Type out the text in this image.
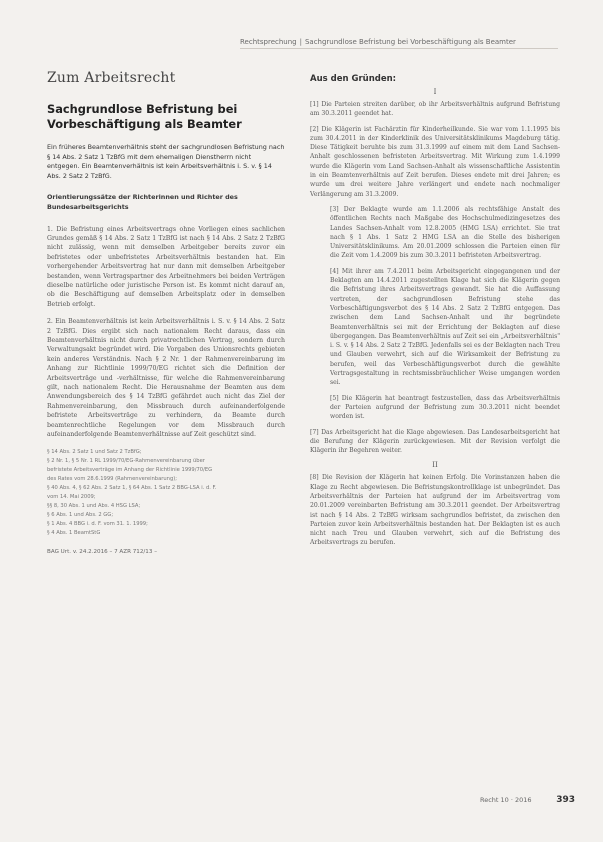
Rechtsprechung | Sachgrundlose Befristung bei Vorbeschäftigung als Beamter
Zum Arbeitsrecht
Sachgrundlose Befristung bei Vorbeschäftigung als Beamter

Ein früheres Beamtenverhältnis steht der sachgrundlosen Befristung nach § 14 Abs. 2 Satz 1 TzBfG mit dem ehemaligen Dienstherrn nicht entgegen. Ein Beamtenverhältnis ist kein Arbeitsverhältnis i. S. v. § 14 Abs. 2 Satz 2 TzBfG.

Orientierungssätze der Richterinnen und Richter des Bundesarbeitsgerichts

1. Die Befristung eines Arbeitsvertrags ohne Vorliegen eines sachlichen Grundes gemäß § 14 Abs. 2 Satz 1 TzBfG ist nach § 14 Abs. 2 Satz 2 TzBfG nicht zulässig, wenn mit demselben Arbeitgeber bereits zuvor ein befristetes oder unbefristetes Arbeitsverhältnis bestanden hat. Ein vorhergehender Arbeitsvertrag hat nur dann mit demselben Arbeitgeber bestanden, wenn Vertragspartner des Arbeitnehmers bei beiden Verträgen dieselbe natürliche oder juristische Person ist. Es kommt nicht darauf an, ob die Beschäftigung auf demselben Arbeitsplatz oder in demselben Betrieb erfolgt.

2. Ein Beamtenverhältnis ist kein Arbeitsverhältnis i. S. v. § 14 Abs. 2 Satz 2 TzBfG. Dies ergibt sich nach nationalem Recht daraus, dass ein Beamtenverhältnis nicht durch privatrechtlichen Vertrag, sondern durch Verwaltungsakt begründet wird. Die Vorgaben des Unionsrechts gebieten kein anderes Verständnis. Nach § 2 Nr. 1 der Rahmenvereinbarung im Anhang zur Richtlinie 1999/70/EG richtet sich die Definition der Arbeitsverträge und -verhältnisse, für welche die Rahmenvereinbarung gilt, nach nationalem Recht. Die Herausnahme der Beamten aus dem Anwendungsbereich des § 14 TzBfG gefährdet auch nicht das Ziel der Rahmenvereinbarung, den Missbrauch durch aufeinanderfolgende befristete Arbeitsverträge zu verhindern, da Beamte durch beamtenrechtliche Regelungen vor dem Missbrauch durch aufeinanderfolgende Beamtenverhältnisse auf Zeit geschützt sind.

§ 14 Abs. 2 Satz 1 und Satz 2 TzBfG;
§ 2 Nr. 1, § 5 Nr. 1 RL 1999/70/EG-Rahmenvereinbarung über
befristete Arbeitsverträge im Anhang der Richtlinie 1999/70/EG
des Rates vom 28.6.1999 (Rahmenvereinbarung);
§ 40 Abs. 4, § 62 Abs. 2 Satz 1, § 64 Abs. 1 Satz 2 BBG-LSA i. d. F.
vom 14. Mai 2009;
§§ 8, 30 Abs. 1 und Abs. 4 HSG LSA;
§ 6 Abs. 1 und Abs. 2 GG;
§ 1 Abs. 4 BBG i. d. F. vom 31. 1. 1999;
§ 4 Abs. 1 BeamtStG
BAG Urt. v. 24.2.2016 – 7 AZR 712/13 –
Aus den Gründen:
I

[1] Die Parteien streiten darüber, ob ihr Arbeitsverhältnis aufgrund Befristung am 30.3.2011 geendet hat.

[2] Die Klägerin ist Fachärztin für Kinderheilkunde. Sie war vom 1.1.1995 bis zum 30.4.2011 in der Kinderklinik des Universitätsklinikums Magdeburg tätig. Diese Tätigkeit beruhte bis zum 31.3.1999 auf einem mit dem Land Sachsen-Anhalt geschlossenen befristeten Arbeitsvertrag. Mit Wirkung zum 1.4.1999 wurde die Klägerin vom Land Sachsen-Anhalt als wissenschaftliche Assistentin in ein Beamtenverhältnis auf Zeit berufen. Dieses endete mit drei Jahren; es wurde um drei weitere Jahre verlängert und endete nach nochmaliger Verlängerung am 31.3.2009.

[3] Der Beklagte wurde am 1.1.2006 als rechtsfähige Anstalt des öffentlichen Rechts nach Maßgabe des Hochschulmedizingesetzes des Landes Sachsen-Anhalt vom 12.8.2005 (HMG LSA) errichtet. Sie trat nach § 1 Abs. 1 Satz 2 HMG LSA an die Stelle des bisherigen Universitätsklinikums. Am 20.01.2009 schlossen die Parteien einen für die Zeit vom 1.4.2009 bis zum 30.3.2011 befristeten Arbeitsvertrag.

[4] Mit ihrer am 7.4.2011 beim Arbeitsgericht eingegangenen und der Beklagten am 14.4.2011 zugestellten Klage hat sich die Klägerin gegen die Befristung ihres Arbeitsvertrags gewandt. Sie hat die Auffassung vertreten, der sachgrundlosen Befristung stehe das Vorbeschäftigungsverbot des § 14 Abs. 2 Satz 2 TzBfG entgegen. Das zwischen dem Land Sachsen-Anhalt und ihr begründete Beamtenverhältnis sei mit der Errichtung der Beklagten auf diese übergegangen. Das Beamtenverhältnis auf Zeit sei ein „Arbeitsverhältnis" i. S. v. § 14 Abs. 2 Satz 2 TzBfG. Jedenfalls sei es der Beklagten nach Treu und Glauben verwehrt, sich auf die Wirksamkeit der Befristung zu berufen, weil das Verbeschäftigungsverbot durch die gewählte Vertragsgestaltung in rechtsmissbräuchlicher Weise umgangen worden sei.

[5] Die Klägerin hat beantragt festzustellen, dass das Arbeitsverhältnis der Parteien aufgrund der Befristung zum 30.3.2011 nicht beendet worden ist.

[7] Das Arbeitsgericht hat die Klage abgewiesen. Das Landesarbeitsgericht hat die Berufung der Klägerin zurückgewiesen. Mit der Revision verfolgt die Klägerin ihr Begehren weiter.

II

[8] Die Revision der Klägerin hat keinen Erfolg. Die Vorinstanzen haben die Klage zu Recht abgewiesen. Die Befristungskontrollklage ist unbegründet. Das Arbeitsverhältnis der Parteien hat aufgrund der im Arbeitsvertrag vom 20.01.2009 vereinbarten Befristung am 30.3.2011 geendet. Der Arbeitsvertrag ist nach § 14 Abs. 2 TzBfG wirksam sachgrundlos befristet, da zwischen den Parteien zuvor kein Arbeitsverhältnis bestanden hat. Der Beklagten ist es auch nicht nach Treu und Glauben verwehrt, sich auf die Befristung des Arbeitsvertrags zu berufen.

Recht 10 · 2016	393
